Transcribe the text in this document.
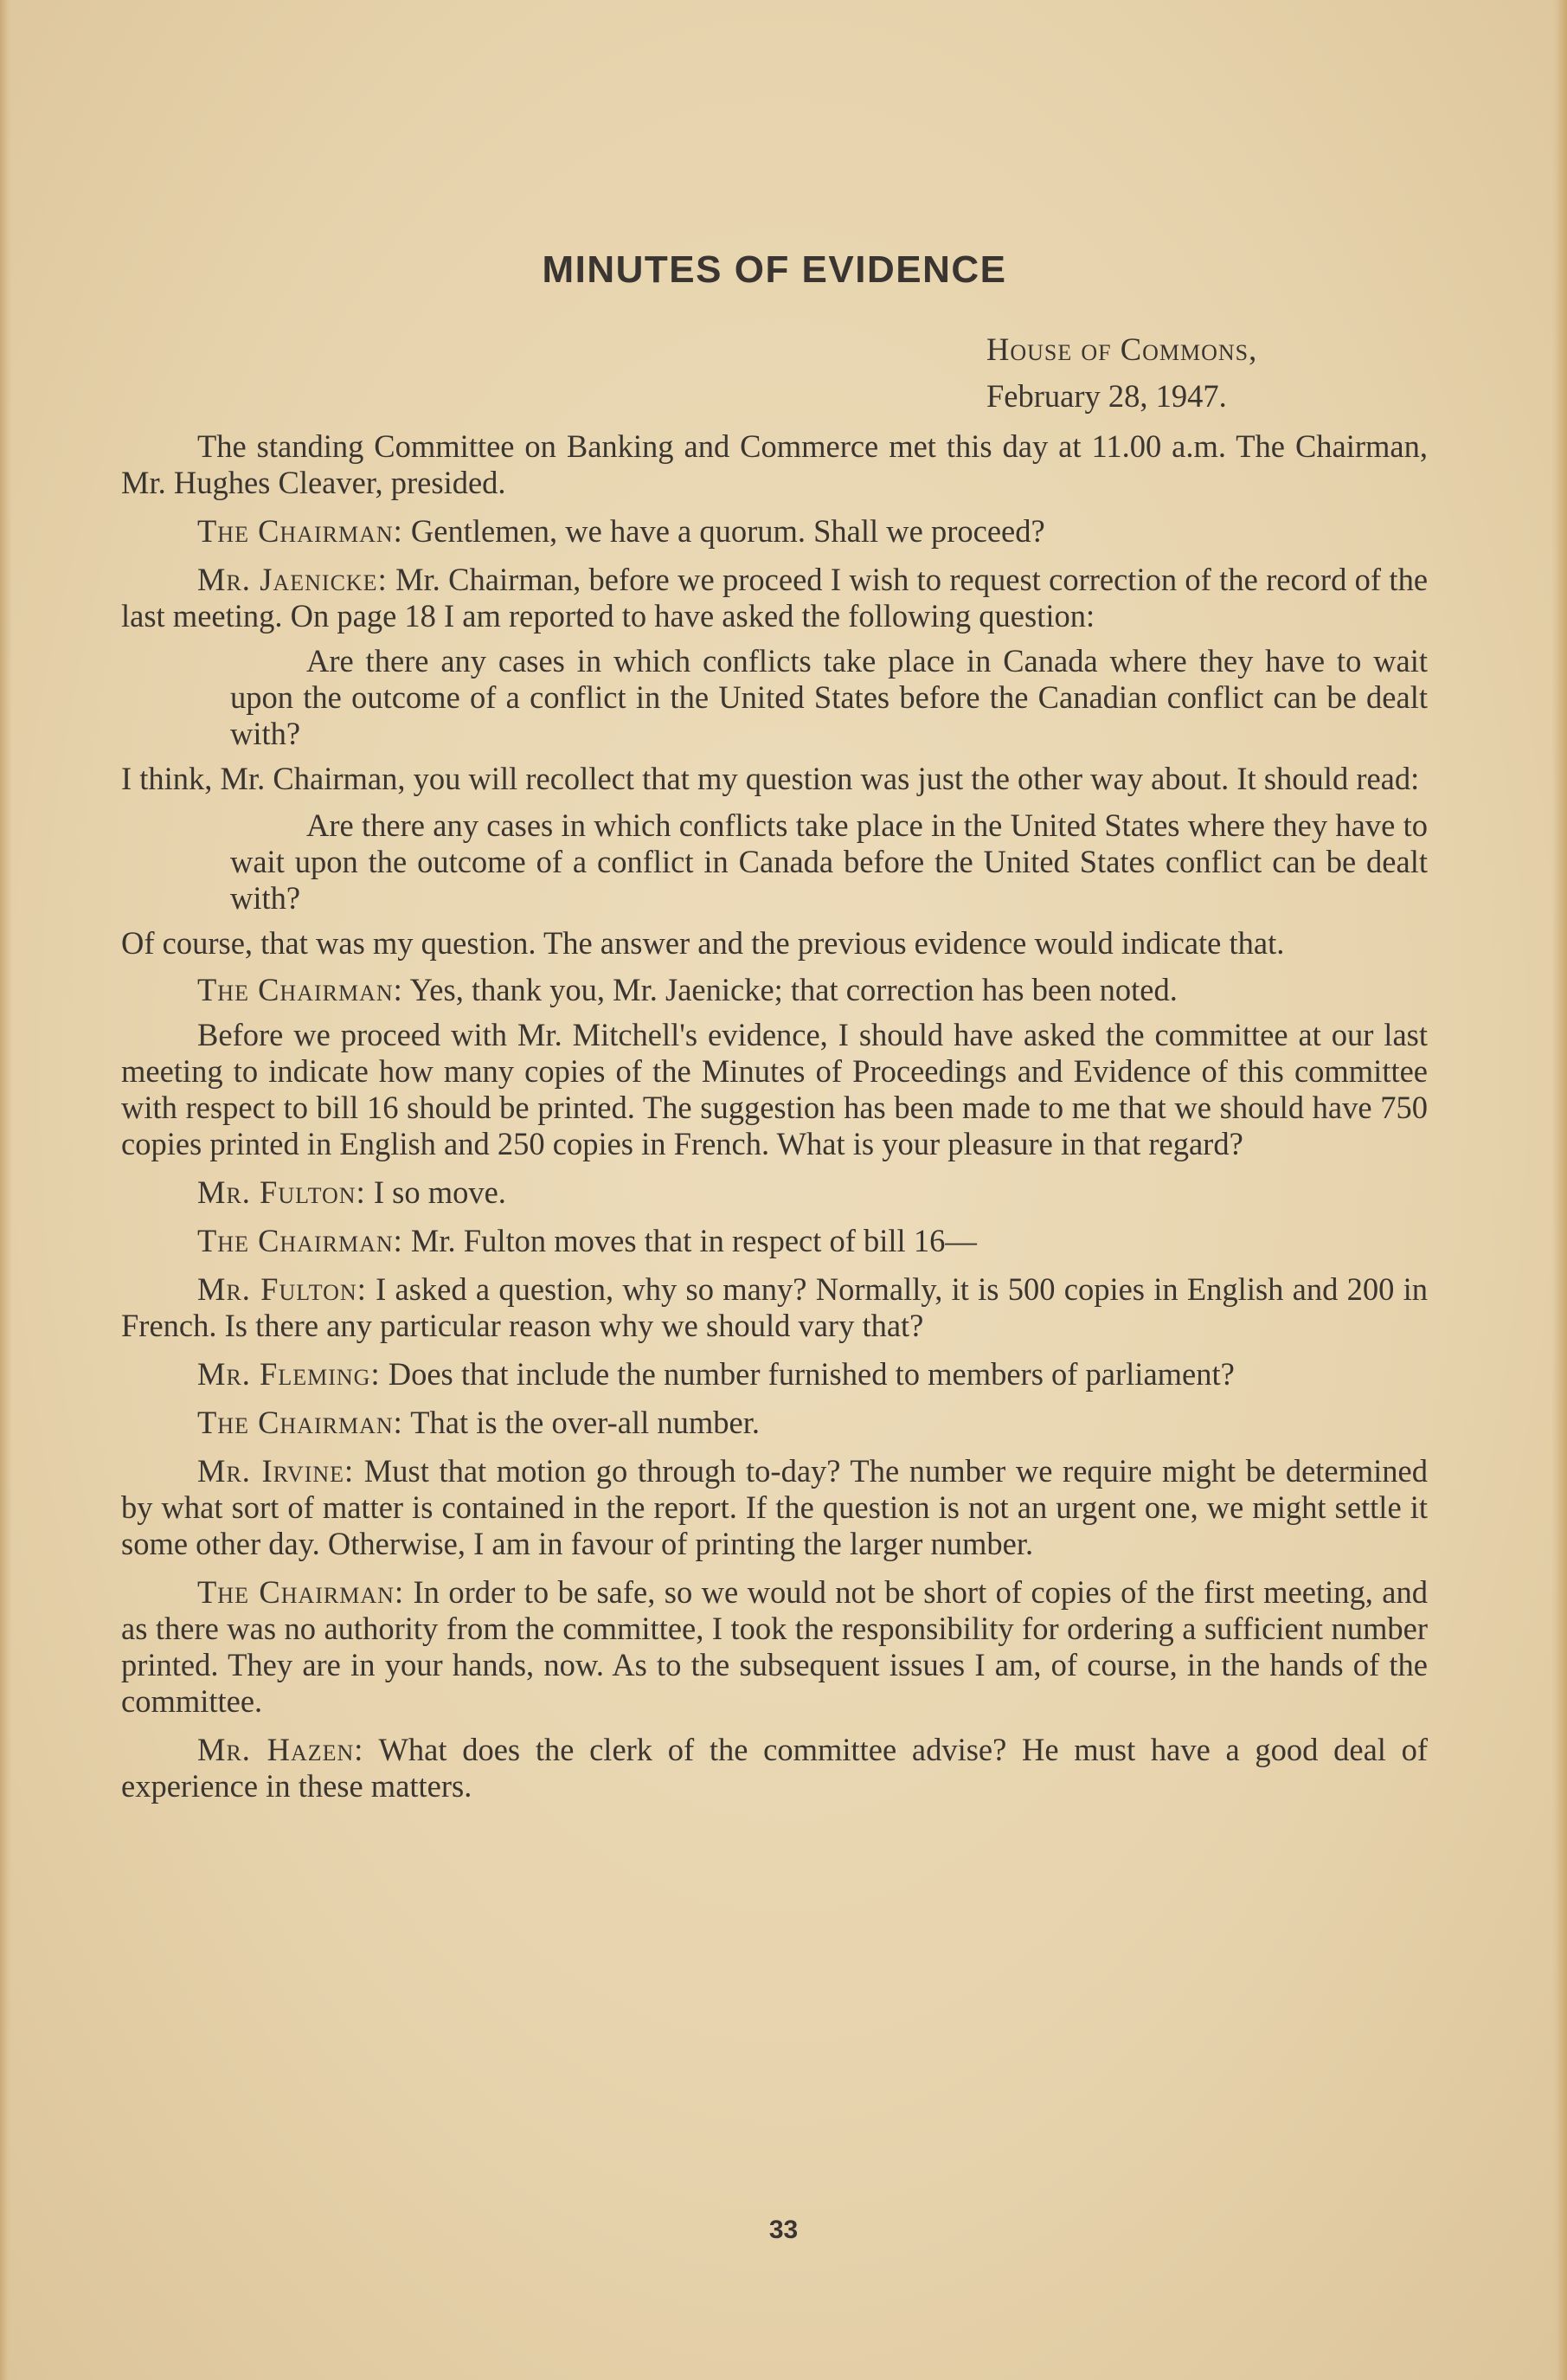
MINUTES OF EVIDENCE
House of Commons,
February 28, 1947.

The standing Committee on Banking and Commerce met this day at 11.00 a.m. The Chairman, Mr. Hughes Cleaver, presided.

The Chairman: Gentlemen, we have a quorum. Shall we proceed?

Mr. Jaenicke: Mr. Chairman, before we proceed I wish to request correction of the record of the last meeting. On page 18 I am reported to have asked the following question:

Are there any cases in which conflicts take place in Canada where they have to wait upon the outcome of a conflict in the United States before the Canadian conflict can be dealt with?

I think, Mr. Chairman, you will recollect that my question was just the other way about. It should read:

Are there any cases in which conflicts take place in the United States where they have to wait upon the outcome of a conflict in Canada before the United States conflict can be dealt with?

Of course, that was my question. The answer and the previous evidence would indicate that.

The Chairman: Yes, thank you, Mr. Jaenicke; that correction has been noted.

Before we proceed with Mr. Mitchell's evidence, I should have asked the committee at our last meeting to indicate how many copies of the Minutes of Proceedings and Evidence of this committee with respect to bill 16 should be printed. The suggestion has been made to me that we should have 750 copies printed in English and 250 copies in French. What is your pleasure in that regard?

Mr. Fulton: I so move.

The Chairman: Mr. Fulton moves that in respect of bill 16—

Mr. Fulton: I asked a question, why so many? Normally, it is 500 copies in English and 200 in French. Is there any particular reason why we should vary that?

Mr. Fleming: Does that include the number furnished to members of parliament?

The Chairman: That is the over-all number.

Mr. Irvine: Must that motion go through to-day? The number we require might be determined by what sort of matter is contained in the report. If the question is not an urgent one, we might settle it some other day. Otherwise, I am in favour of printing the larger number.

The Chairman: In order to be safe, so we would not be short of copies of the first meeting, and as there was no authority from the committee, I took the responsibility for ordering a sufficient number printed. They are in your hands, now. As to the subsequent issues I am, of course, in the hands of the committee.

Mr. Hazen: What does the clerk of the committee advise? He must have a good deal of experience in these matters.

33
